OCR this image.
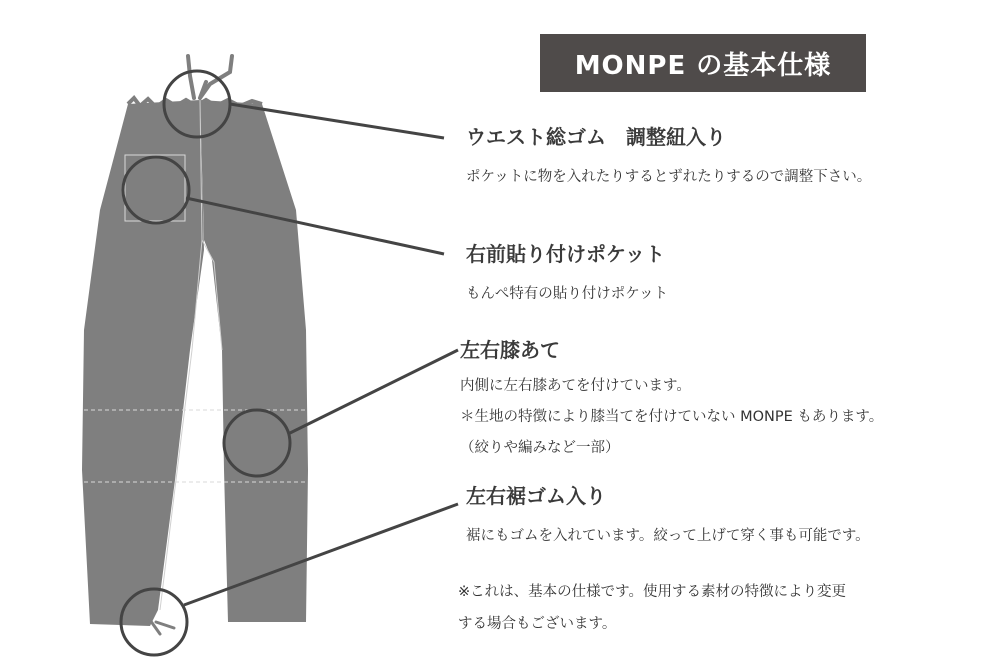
MONPE の基本仕様
ウエスト総ゴム　調整紐入り
ポケットに物を入れたりするとずれたりするので調整下さい。
右前貼り付けポケット
もんぺ特有の貼り付けポケット
左右膝あて
内側に左右膝あてを付けています。
＊生地の特徴により膝当てを付けていない MONPE もあります。
（絞りや編みなど一部）
左右裾ゴム入り
裾にもゴムを入れています。絞って上げて穿く事も可能です。
※これは、基本の仕様です。使用する素材の特徴により変更
する場合もございます。
